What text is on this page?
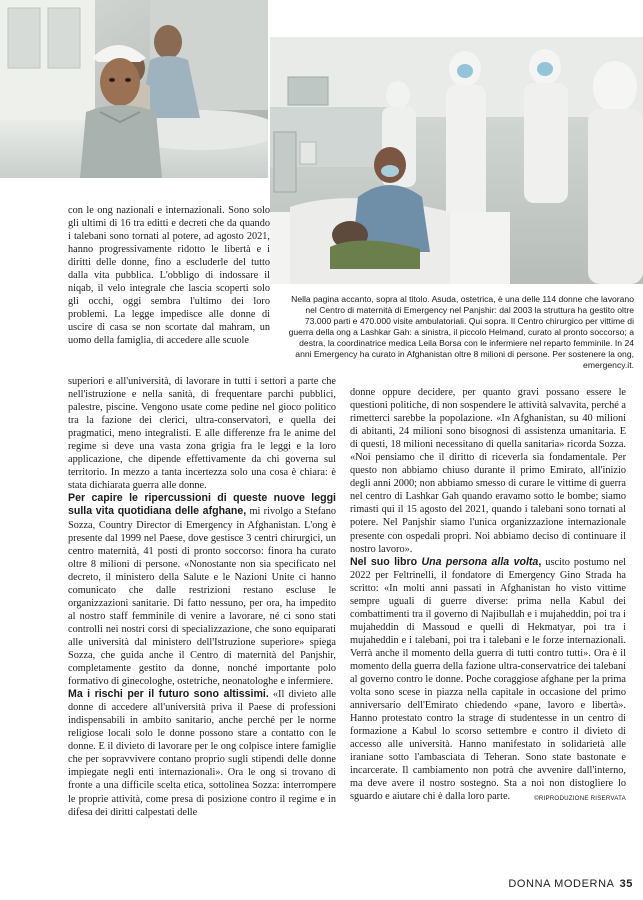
Nella pagina accanto, sopra al titolo. Asuda, ostetrica, è una delle 114 donne che lavorano nel Centro di maternità di Emergency nel Panjshir: dal 2003 la struttura ha gestito oltre 73.000 parti e 470.000 visite ambulatoriali. Qui sopra. Il Centro chirurgico per vittime di guerra della ong a Lashkar Gah: a sinistra, il piccolo Helmand, curato al pronto soccorso; a destra, la coordinatrice medica Leila Borsa con le infermiere nel reparto femminile. In 24 anni Emergency ha curato in Afghanistan oltre 8 milioni di persone. Per sostenere la ong, emergency.it.

con le ong nazionali e internazionali. Sono solo gli ultimi di 16 tra editti e decreti che da quando i talebani sono tornati al potere, ad agosto 2021, hanno progressivamente ridotto le libertà e i diritti delle donne, fino a escluderle del tutto dalla vita pubblica. L'obbligo di indossare il niqab, il velo integrale che lascia scoperti solo gli occhi, oggi sembra l'ultimo dei loro problemi. La legge impedisce alle donne di uscire di casa se non scortate dal mahram, un uomo della famiglia, di accedere alle scuole

superiori e all'università, di lavorare in tutti i settori a parte che nell'istruzione e nella sanità, di frequentare parchi pubblici, palestre, piscine. Vengono usate come pedine nel gioco politico tra la fazione dei clerici, ultra-conservatori, e quella dei pragmatici, meno integralisti. E alle differenze fra le anime del regime si deve una vasta zona grigia fra le leggi e la loro applicazione, che dipende effettivamente da chi governa sul territorio. In mezzo a tanta incertezza solo una cosa è chiara: è stata dichiarata guerra alle donne.

Per capire le ripercussioni di queste nuove leggi sulla vita quotidiana delle afghane, mi rivolgo a Stefano Sozza, Country Director di Emergency in Afghanistan. L'ong è presente dal 1999 nel Paese, dove gestisce 3 centri chirurgici, un centro maternità, 41 posti di pronto soccorso: finora ha curato oltre 8 milioni di persone. «Nonostante non sia specificato nel decreto, il ministero della Salute e le Nazioni Unite ci hanno comunicato che dalle restrizioni restano escluse le organizzazioni sanitarie. Di fatto nessuno, per ora, ha impedito al nostro staff femminile di venire a lavorare, né ci sono stati controlli nei nostri corsi di specializzazione, che sono equiparati alle università dal ministero dell'Istruzione superiore» spiega Sozza, che guida anche il Centro di maternità del Panjshir, completamente gestito da donne, nonché importante polo formativo di ginecologhe, ostetriche, neonatologhe e infermiere.

Ma i rischi per il futuro sono altissimi. «Il divieto alle donne di accedere all'università priva il Paese di professioni indispensabili in ambito sanitario, anche perché per le norme religiose locali solo le donne possono stare a contatto con le donne. E il divieto di lavorare per le ong colpisce intere famiglie che per sopravvivere contano proprio sugli stipendi delle donne impiegate negli enti internazionali». Ora le ong si trovano di fronte a una difficile scelta etica, sottolinea Sozza: interrompere le proprie attività, come presa di posizione contro il regime e in difesa dei diritti calpestati delle

donne oppure decidere, per quanto gravi possano essere le questioni politiche, di non sospendere le attività salvavita, perché a rimetterci sarebbe la popolazione. «In Afghanistan, su 40 milioni di abitanti, 24 milioni sono bisognosi di assistenza umanitaria. E di questi, 18 milioni necessitano di quella sanitaria» ricorda Sozza. «Noi pensiamo che il diritto di riceverla sia fondamentale. Per questo non abbiamo chiuso durante il primo Emirato, all'inizio degli anni 2000; non abbiamo smesso di curare le vittime di guerra nel centro di Lashkar Gah quando eravamo sotto le bombe; siamo rimasti qui il 15 agosto del 2021, quando i talebani sono tornati al potere. Nel Panjshir siamo l'unica organizzazione internazionale presente con ospedali propri. Noi abbiamo deciso di continuare il nostro lavoro».

Nel suo libro Una persona alla volta, uscito postumo nel 2022 per Feltrinelli, il fondatore di Emergency Gino Strada ha scritto: «In molti anni passati in Afghanistan ho visto vittime sempre uguali di guerre diverse: prima nella Kabul dei combattimenti tra il governo di Najibullah e i mujaheddin, poi tra i mujaheddin di Massoud e quelli di Hekmatyar, poi tra i mujaheddin e i talebani, poi tra i talebani e le forze internazionali. Verrà anche il momento della guerra di tutti contro tutti». Ora è il momento della guerra della fazione ultra-conservatrice dei talebani al governo contro le donne. Poche coraggiose afghane per la prima volta sono scese in piazza nella capitale in occasione del primo anniversario dell'Emirato chiedendo «pane, lavoro e libertà». Hanno protestato contro la strage di studentesse in un centro di formazione a Kabul lo scorso settembre e contro il divieto di accesso alle università. Hanno manifestato in solidarietà alle iraniane sotto l'ambasciata di Teheran. Sono state bastonate e incarcerate. Il cambiamento non potrà che avvenire dall'interno, ma deve avere il nostro sostegno. Sta a noi non distogliere lo sguardo e aiutare chi è dalla loro parte.	©RIPRODUZIONE RISERVATA

DONNA MODERNA 35
